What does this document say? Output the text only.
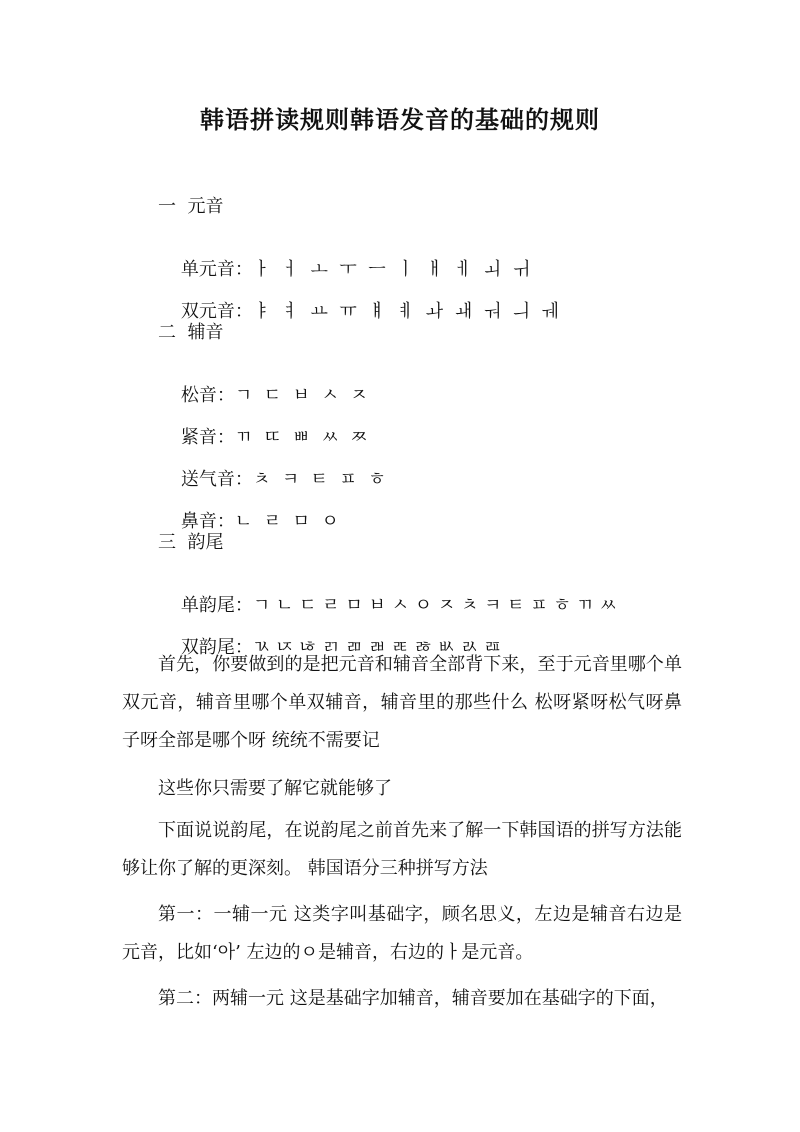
韩语拼读规则韩语发音的基础的规则

一  元音

单元音：ㅏ  ㅓ  ㅗ  ㅜ  ㅡ  ㅣ  ㅐ  ㅔ  ㅚ  ㅟ

双元音：ㅑ  ㅕ  ㅛ  ㅠ  ㅒ  ㅖ  ㅘ  ㅙ  ㅝ  ㅢ  ㅞ

二  辅音

松音：ㄱ  ㄷ  ㅂ  ㅅ  ㅈ

紧音：ㄲ  ㄸ  ㅃ  ㅆ  ㅉ

送气音：ㅊ  ㅋ  ㅌ  ㅍ  ㅎ

鼻音：ㄴ  ㄹ  ㅁ  ㅇ

三  韵尾

单韵尾：ㄱ ㄴ ㄷ ㄹ ㅁ ㅂ ㅅ ㅇ ㅈ ㅊ ㅋ ㅌ ㅍ ㅎ ㄲ ㅆ

双韵尾：ㄳ ㄵ ㄶ ㄺ ㄻ ㄼ ㄾ ㅀ ㅄ ㄽ ㄿ

首先，你要做到的是把元音和辅音全部背下来，至于元音里哪个单双元音，辅音里哪个单双辅音，辅音里的那些什么 松呀紧呀松气呀鼻子呀全部是哪个呀 统统不需要记

这些你只需要了解它就能够了

下面说说韵尾，在说韵尾之前首先来了解一下韩国语的拼写方法能够让你了解的更深刻。 韩国语分三种拼写方法

第一：一辅一元 这类字叫基础字，顾名思义，左边是辅音右边是元音，比如‘아’ 左边的ㅇ是辅音，右边的ㅏ是元音。

第二：两辅一元 这是基础字加辅音，辅音要加在基础字的下面，
